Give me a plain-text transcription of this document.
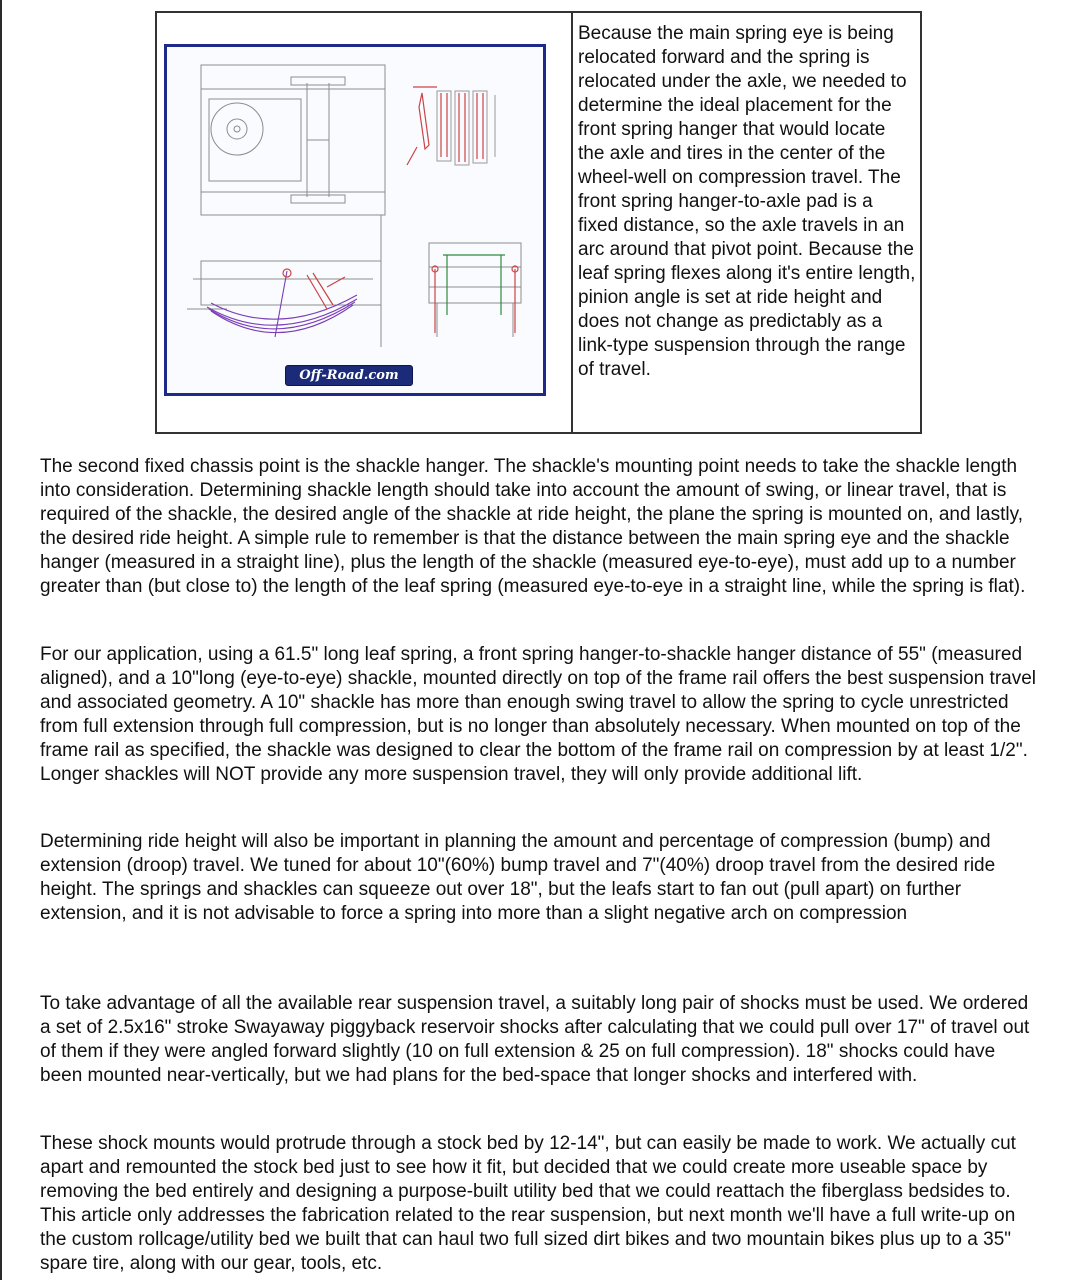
Off-Road.com
Because the main spring eye is being relocated forward and the spring is relocated under the axle, we needed to determine the ideal placement for the front spring hanger that would locate the axle and tires in the center of the wheel-well on compression travel. The front spring hanger-to-axle pad is a fixed distance, so the axle travels in an arc around that pivot point. Because the leaf spring flexes along it's entire length, pinion angle is set at ride height and does not change as predictably as a link-type suspension through the range of travel.

The second fixed chassis point is the shackle hanger. The shackle's mounting point needs to take the shackle length into consideration. Determining shackle length should take into account the amount of swing, or linear travel, that is required of the shackle, the desired angle of the shackle at ride height, the plane the spring is mounted on, and lastly, the desired ride height. A simple rule to remember is that the distance between the main spring eye and the shackle hanger (measured in a straight line), plus the length of the shackle (measured eye-to-eye), must add up to a number greater than (but close to) the length of the leaf spring (measured eye-to-eye in a straight line, while the spring is flat).

For our application, using a 61.5" long leaf spring, a front spring hanger-to-shackle hanger distance of 55" (measured aligned), and a 10"long (eye-to-eye) shackle, mounted directly on top of the frame rail offers the best suspension travel and associated geometry. A 10" shackle has more than enough swing travel to allow the spring to cycle unrestricted from full extension through full compression, but is no longer than absolutely necessary. When mounted on top of the frame rail as specified, the shackle was designed to clear the bottom of the frame rail on compression by at least 1/2". Longer shackles will NOT provide any more suspension travel, they will only provide additional lift.

Determining ride height will also be important in planning the amount and percentage of compression (bump) and extension (droop) travel. We tuned for about 10"(60%) bump travel and 7"(40%) droop travel from the desired ride height. The springs and shackles can squeeze out over 18", but the leafs start to fan out (pull apart) on further extension, and it is not advisable to force a spring into more than a slight negative arch on compression

To take advantage of all the available rear suspension travel, a suitably long pair of shocks must be used. We ordered a set of 2.5x16" stroke Swayaway piggyback reservoir shocks after calculating that we could pull over 17" of travel out of them if they were angled forward slightly (10 on full extension & 25 on full compression). 18" shocks could have been mounted near-vertically, but we had plans for the bed-space that longer shocks and interfered with.

These shock mounts would protrude through a stock bed by 12-14", but can easily be made to work. We actually cut apart and remounted the stock bed just to see how it fit, but decided that we could create more useable space by removing the bed entirely and designing a purpose-built utility bed that we could reattach the fiberglass bedsides to. This article only addresses the fabrication related to the rear suspension, but next month we'll have a full write-up on the custom rollcage/utility bed we built that can haul two full sized dirt bikes and two mountain bikes plus up to a 35" spare tire, along with our gear, tools, etc.
